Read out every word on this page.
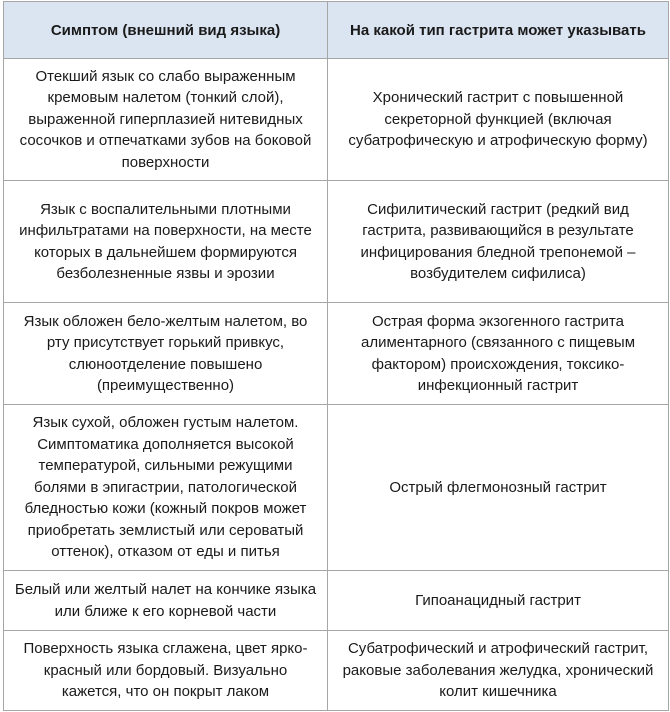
Симптом (внешний вид языка)	На какой тип гастрита может указывать
Отекший язык со слабо выраженным кремовым налетом (тонкий слой), выраженной гиперплазией нитевидных сосочков и отпечатками зубов на боковой поверхности	Хронический гастрит с повышенной секреторной функцией (включая субатрофическую и атрофическую форму)
Язык с воспалительными плотными инфильтратами на поверхности, на месте которых в дальнейшем формируются безболезненные язвы и эрозии	Сифилитический гастрит (редкий вид гастрита, развивающийся в результате инфицирования бледной трепонемой – возбудителем сифилиса)
Язык обложен бело-желтым налетом, во рту присутствует горький привкус, слюноотделение повышено (преимущественно)	Острая форма экзогенного гастрита алиментарного (связанного с пищевым фактором) происхождения, токсико-инфекционный гастрит
Язык сухой, обложен густым налетом. Симптоматика дополняется высокой температурой, сильными режущими болями в эпигастрии, патологической бледностью кожи (кожный покров может приобретать землистый или сероватый оттенок), отказом от еды и питья	Острый флегмонозный гастрит
Белый или желтый налет на кончике языка или ближе к его корневой части	Гипоанацидный гастрит
Поверхность языка сглажена, цвет ярко-красный или бордовый. Визуально кажется, что он покрыт лаком	Субатрофический и атрофический гастрит, раковые заболевания желудка, хронический колит кишечника
